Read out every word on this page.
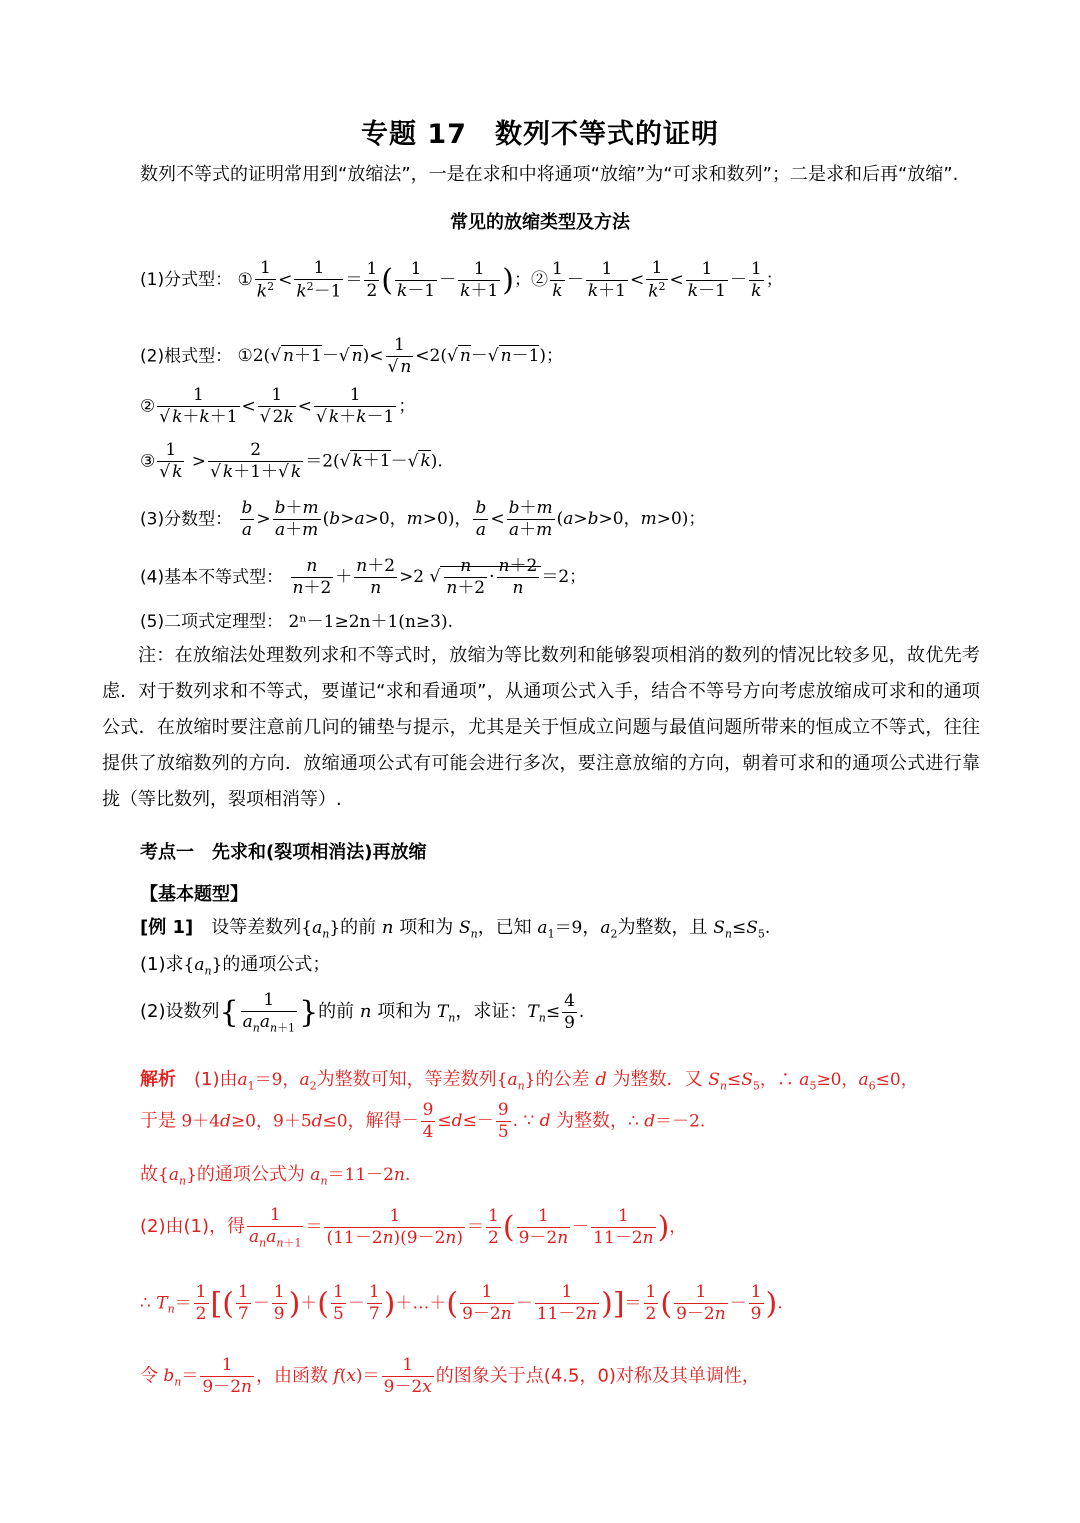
专题 17　数列不等式的证明
数列不等式的证明常用到“放缩法”，一是在求和中将通项“放缩”为“可求和数列”；二是求和后再“放缩”.
常见的放缩类型及方法
(1)分式型： ① $\frac{1}{k^2} < \frac{1}{k^2-1} = \frac{1}{2}$ ( $\frac{1}{k-1} - \frac{1}{k+1}$ )；② $\frac{1}{k} - \frac{1}{k+1} < \frac{1}{k^2} < \frac{1}{k-1} - \frac{1}{k}$ ；
(2)根式型： ①2(√ n＋1－√ $n)< \frac{1}{√ n} <2(√$ n－√ n－1)；
② $\frac{1}{√ k+k+1} < \frac{1}{√ 2k} < \frac{1}{√ k+k-1}$ ；
③ $\frac{1}{√ k} > \frac{2}{√ k+1+√ k} =2(√$ k＋1－√ k).
(3)分数型： $\frac{b}{a} > \frac{b+m}{a+m} (b>a>0$，m>0)， $\frac{b}{a} < \frac{b+m}{a+m} (a>b>0$，m>0)；
(4)基本不等式型： $\frac{n}{n+2} + \frac{n+2}{n} >2$ √ $\frac{n}{n+2} \cdot \frac{n+2}{n} =2$；
(5)二项式定理型： 2ⁿ－1≥2n＋1(n≥3).

注：在放缩法处理数列求和不等式时，放缩为等比数列和能够裂项相消的数列的情况比较多见，故优先考虑．对于数列求和不等式，要谨记“求和看通项”，从通项公式入手，结合不等号方向考虑放缩成可求和的通项公式．在放缩时要注意前几问的铺垫与提示，尤其是关于恒成立问题与最值问题所带来的恒成立不等式，往往提供了放缩数列的方向．放缩通项公式有可能会进行多次，要注意放缩的方向，朝着可求和的通项公式进行靠拢（等比数列，裂项相消等）.

考点一　先求和(裂项相消法)再放缩
【基本题型】
[例 1]　 设等差数列$\{a_n\}$的前 n 项和为 $S_n$，已知 $a_1=9$，$a_2$为整数，且 $S_n\le S_5$.
(1)求$\{a_n\}$的通项公式；
(2)设数列{ $\frac{1}{a_na_{n+1}}$ }的前 n 项和为 $T_n$，求证：$T_n\le \frac{4}{9}$ .
解析　 (1)由$a_1=9$，$a_2$为整数可知，等差数列$\{a_n\}$的公差 d 为整数．又 $S_n\le S_5$，∴ $a_5\ge 0$，$a_6\le 0$，
于是 9＋4d≥0，9＋5d≤0，解得－ $\frac{9}{4} \le d\le- \frac{9}{5}$ . ∵ d 为整数，∴ d＝－2.
故$\{a_n\}$的通项公式为 $a_n=11-2n$.
(2)由(1)，得 $\frac{1}{a_na_{n+1}} = \frac{1}{(11-2n)(9-2n)} = \frac{1}{2}$ ( $\frac{1}{9-2n} - \frac{1}{11-2n}$ )，
∴ $T_n= \frac{1}{2}$ [( $\frac{1}{7} - \frac{1}{9}$ )＋( $\frac{1}{5} - \frac{1}{7}$ )＋…＋( $\frac{1}{9-2n} - \frac{1}{11-2n}$ )]＝ $\frac{1}{2}$ ( $\frac{1}{9-2n} - \frac{1}{9}$ ).
令 $b_n= \frac{1}{9-2n}$ ，由函数 $f(x)= \frac{1}{9-2x}$ 的图象关于点(4.5，0)对称及其单调性，
